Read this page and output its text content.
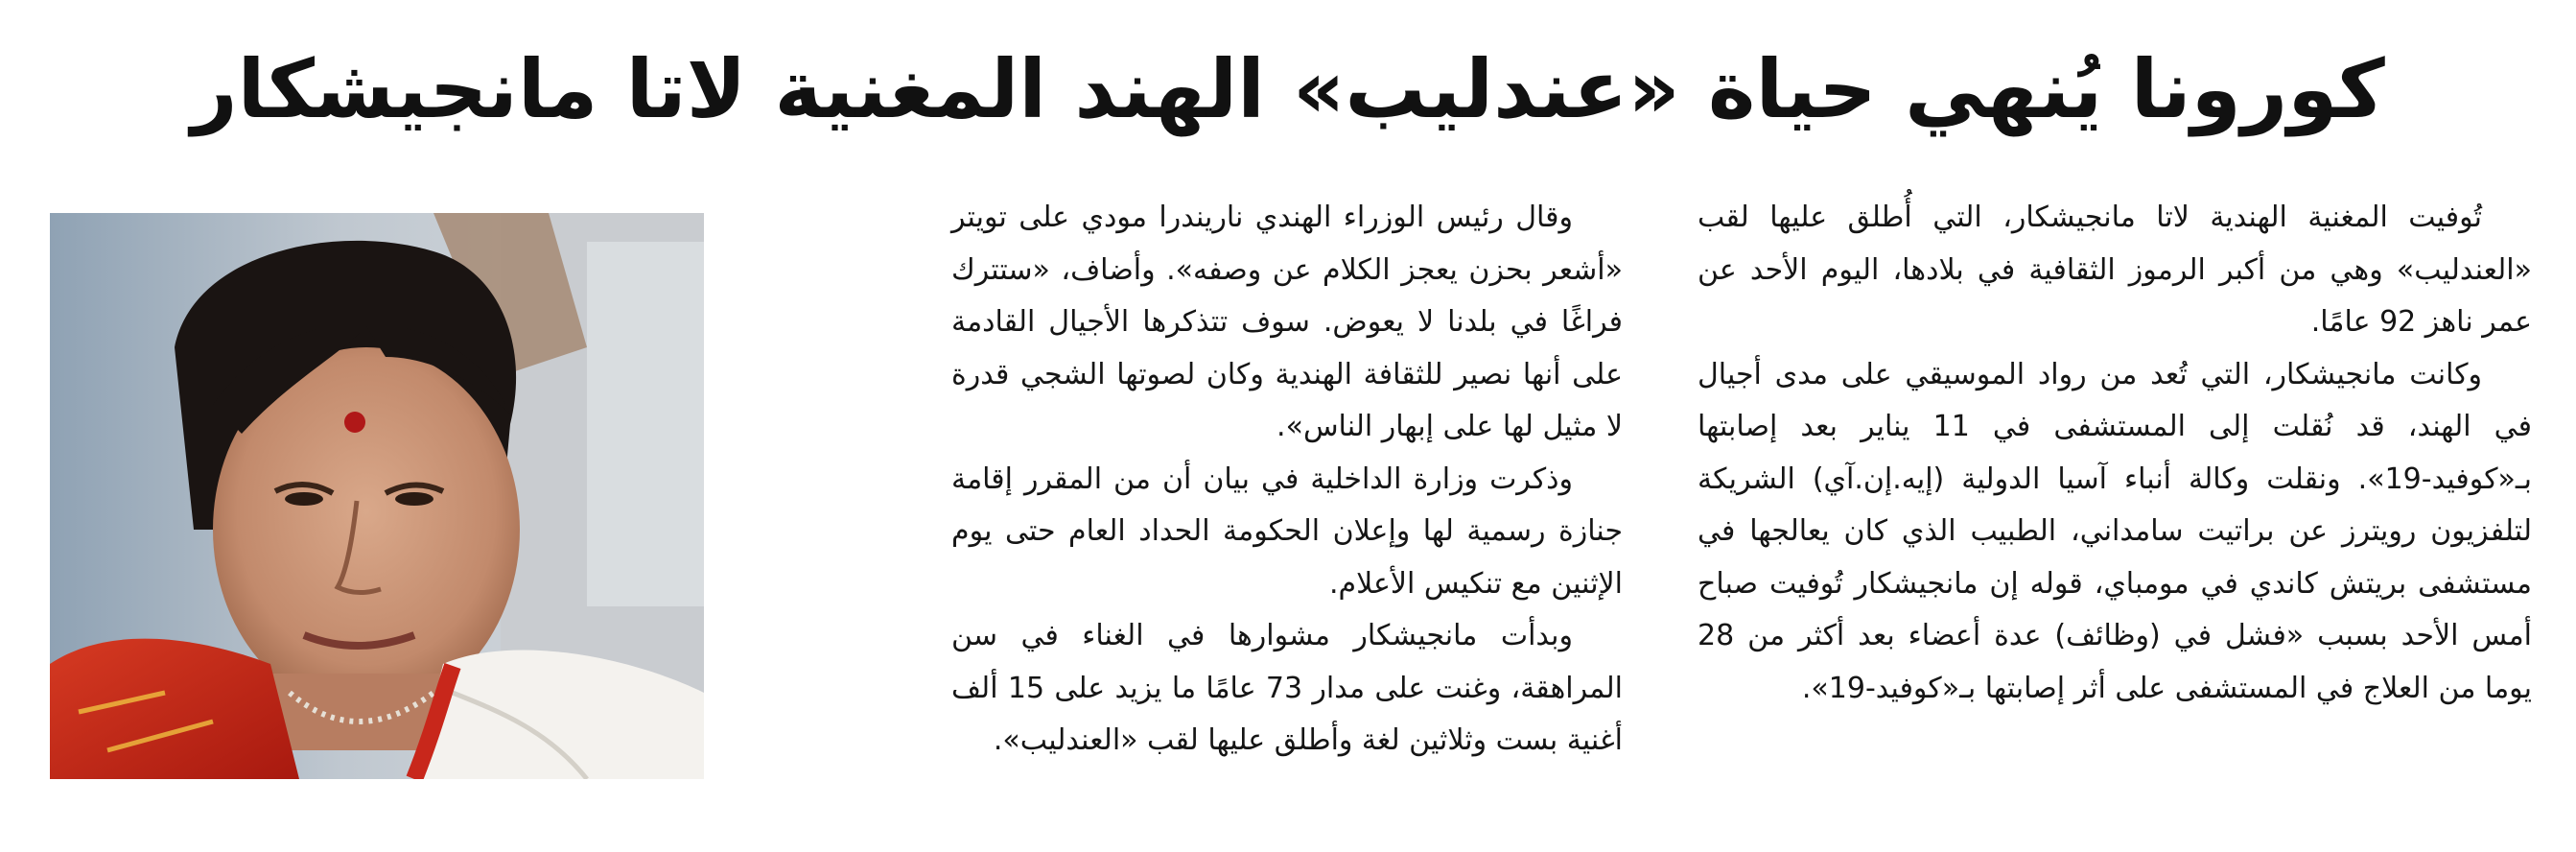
كورونا يُنهي حياة «عندليب» الهند المغنية لاتا مانجيشكار

تُوفيت المغنية الهندية لاتا مانجيشكار، التي أُطلق عليها لقب «العندليب» وهي من أكبر الرموز الثقافية في بلادها، اليوم الأحد عن عمر ناهز 92 عامًا.

وكانت مانجيشكار، التي تُعد من رواد الموسيقي على مدى أجيال في الهند، قد نُقلت إلى المستشفى في 11 يناير بعد إصابتها بـ«كوفيد-19». ونقلت وكالة أنباء آسيا الدولية (إيه.إن.آي) الشريكة لتلفزيون رويترز عن براتيت سامداني، الطبيب الذي كان يعالجها في مستشفى بريتش كاندي في مومباي، قوله إن مانجيشكار تُوفيت صباح أمس الأحد بسبب «فشل في (وظائف) عدة أعضاء بعد أكثر من 28 يوما من العلاج في المستشفى على أثر إصابتها بـ«كوفيد-19».

وقال رئيس الوزراء الهندي ناريندرا مودي على تويتر «أشعر بحزن يعجز الكلام عن وصفه». وأضاف، «ستترك فراغًا في بلدنا لا يعوض. سوف تتذكرها الأجيال القادمة على أنها نصير للثقافة الهندية وكان لصوتها الشجي قدرة لا مثيل لها على إبهار الناس».

وذكرت وزارة الداخلية في بيان أن من المقرر إقامة جنازة رسمية لها وإعلان الحكومة الحداد العام حتى يوم الإثنين مع تنكيس الأعلام.

وبدأت مانجيشكار مشوارها في الغناء في سن المراهقة، وغنت على مدار 73 عامًا ما يزيد على 15 ألف أغنية بست وثلاثين لغة وأطلق عليها لقب «العندليب».
